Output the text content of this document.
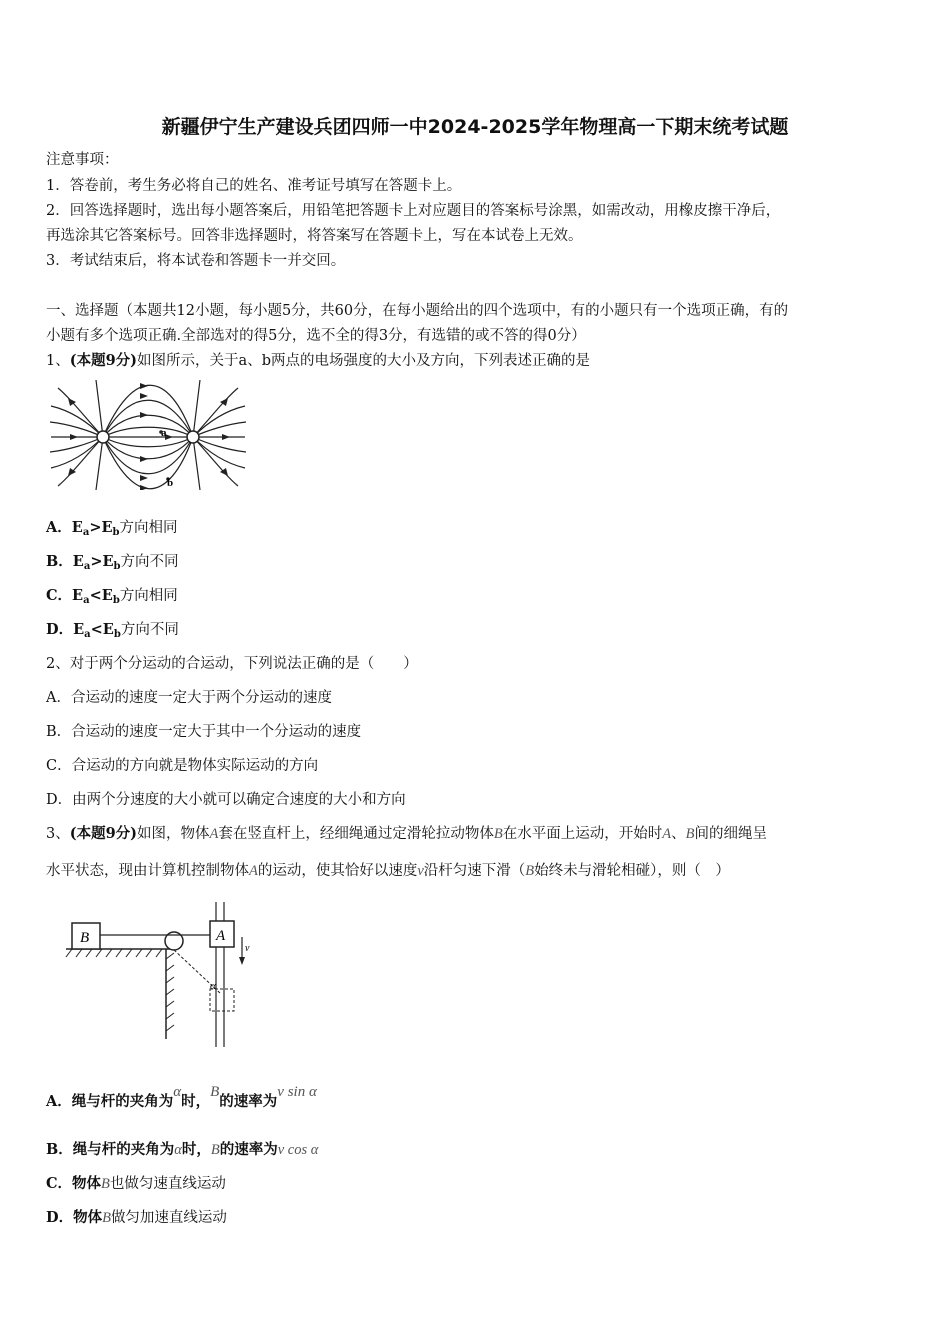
新疆伊宁生产建设兵团四师一中2024-2025学年物理高一下期末统考试题
注意事项：
1．答卷前，考生务必将自己的姓名、准考证号填写在答题卡上。
2．回答选择题时，选出每小题答案后，用铅笔把答题卡上对应题目的答案标号涂黑，如需改动，用橡皮擦干净后，
再选涂其它答案标号。回答非选择题时，将答案写在答题卡上，写在本试卷上无效。
3．考试结束后，将本试卷和答题卡一并交回。
一、选择题（本题共12小题，每小题5分，共60分，在每小题给出的四个选项中，有的小题只有一个选项正确，有的
小题有多个选项正确.全部选对的得5分，选不全的得3分，有选错的或不答的得0分）
1、(本题9分)如图所示，关于a、b两点的电场强度的大小及方向，下列表述正确的是
a
b
A．$E_a>E_b$方向相同
B．$E_a>E_b$方向不同
C．$E_a<E_b$方向相同
D．$E_a<E_b$方向不同
2、对于两个分运动的合运动，下列说法正确的是（　　）
A．合运动的速度一定大于两个分运动的速度
B．合运动的速度一定大于其中一个分运动的速度
C．合运动的方向就是物体实际运动的方向
D．由两个分速度的大小就可以确定合速度的大小和方向
3、(本题9分)如图，物体A套在竖直杆上，经细绳通过定滑轮拉动物体B在水平面上运动，开始时A、B间的细绳呈
水平状态，现由计算机控制物体A的运动，使其恰好以速度v沿杆匀速下滑（B始终未与滑轮相碰），则（　）
B	A
α
v
A．绳与杆的夹角为α时，B的速率为v sin α
B．绳与杆的夹角为α时，B的速率为v cos α
C．物体B也做匀速直线运动
D．物体B做匀加速直线运动
